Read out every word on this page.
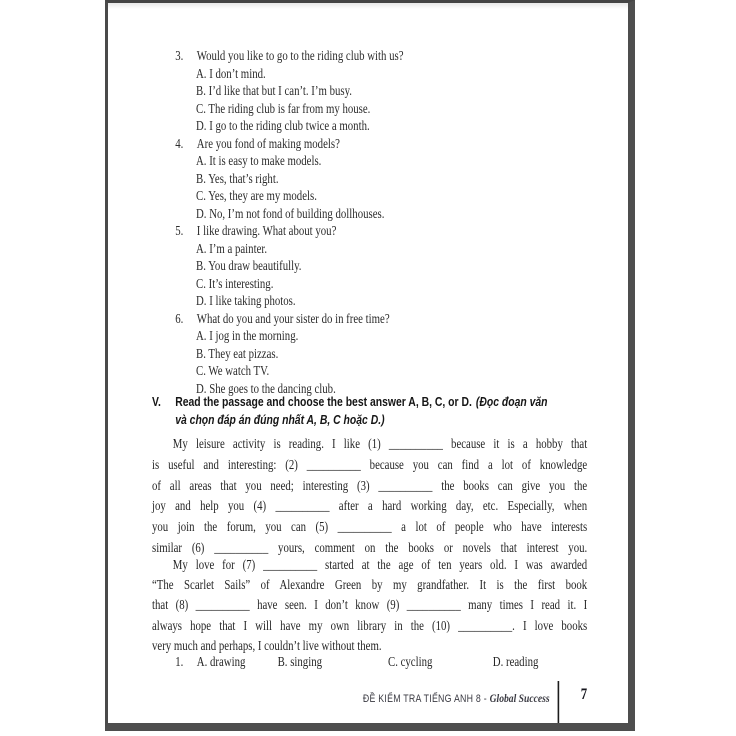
3. Would you like to go to the riding club with us?
A. I don’t mind.
B. I’d like that but I can’t. I’m busy.
C. The riding club is far from my house.
D. I go to the riding club twice a month.
4. Are you fond of making models?
A. It is easy to make models.
B. Yes, that’s right.
C. Yes, they are my models.
D. No, I’m not fond of building dollhouses.
5. I like drawing. What about you?
A. I’m a painter.
B. You draw beautifully.
C. It’s interesting.
D. I like taking photos.
6. What do you and your sister do in free time?
A. I jog in the morning.
B. They eat pizzas.
C. We watch TV.
D. She goes to the dancing club.
V. Read the passage and choose the best answer A, B, C, or D. (Đọc đoạn văn
và chọn đáp án đúng nhất A, B, C hoặc D.)
My leisure activity is reading. I like (1) __________ because it is a hobby that
is useful and interesting: (2) __________ because you can find a lot of knowledge
of all areas that you need; interesting (3) __________ the books can give you the
joy and help you (4) __________ after a hard working day, etc. Especially, when
you join the forum, you can (5) __________ a lot of people who have interests
similar (6) __________ yours, comment on the books or novels that interest you.
My love for (7) __________ started at the age of ten years old. I was awarded
“The Scarlet Sails” of Alexandre Green by my grandfather. It is the first book
that (8) __________ have seen. I don’t know (9) __________ many times I read it. I
always hope that I will have my own library in the (10) __________. I love books
very much and perhaps, I couldn’t live without them.
1. A. drawing B. singing	C. cycling	D. reading
ĐỀ KIỂM TRA TIẾNG ANH 8 - Global Success	7
